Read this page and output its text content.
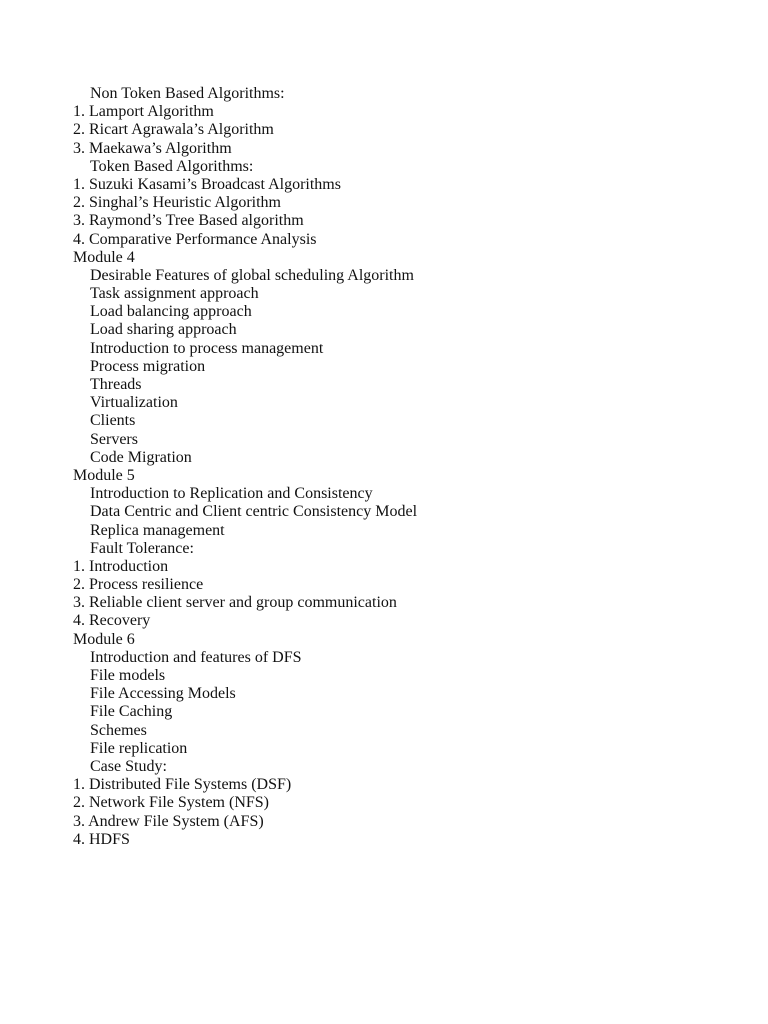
Non Token Based Algorithms:
1. Lamport Algorithm
2. Ricart Agrawala’s Algorithm
3. Maekawa’s Algorithm
Token Based Algorithms:
1. Suzuki Kasami’s Broadcast Algorithms
2. Singhal’s Heuristic Algorithm
3. Raymond’s Tree Based algorithm
4. Comparative Performance Analysis
Module 4
Desirable Features of global scheduling Algorithm
Task assignment approach
Load balancing approach
Load sharing approach
Introduction to process management
Process migration
Threads
Virtualization
Clients
Servers
Code Migration
Module 5
Introduction to Replication and Consistency
Data Centric and Client centric Consistency Model
Replica management
Fault Tolerance:
1. Introduction
2. Process resilience
3. Reliable client server and group communication
4. Recovery
Module 6
Introduction and features of DFS
File models
File Accessing Models
File Caching
Schemes
File replication
Case Study:
1. Distributed File Systems (DSF)
2. Network File System (NFS)
3. Andrew File System (AFS)
4. HDFS
